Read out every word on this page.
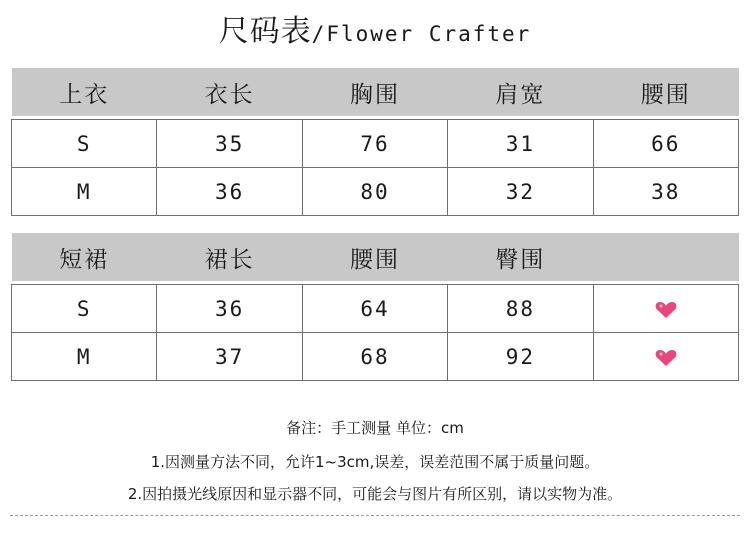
尺码表/Flower Crafter
上衣	衣长	胸围	肩宽	腰围

S	35	76	31	66
M	36	80	32	38
短裙	裙长	腰围	臀围	

S	36	64	88	
M	37	68	92	
备注：手工测量 单位：cm
1.因测量方法不同，允许1~3cm,误差，误差范围不属于质量问题。
2.因拍摄光线原因和显示器不同，可能会与图片有所区别，请以实物为准。
